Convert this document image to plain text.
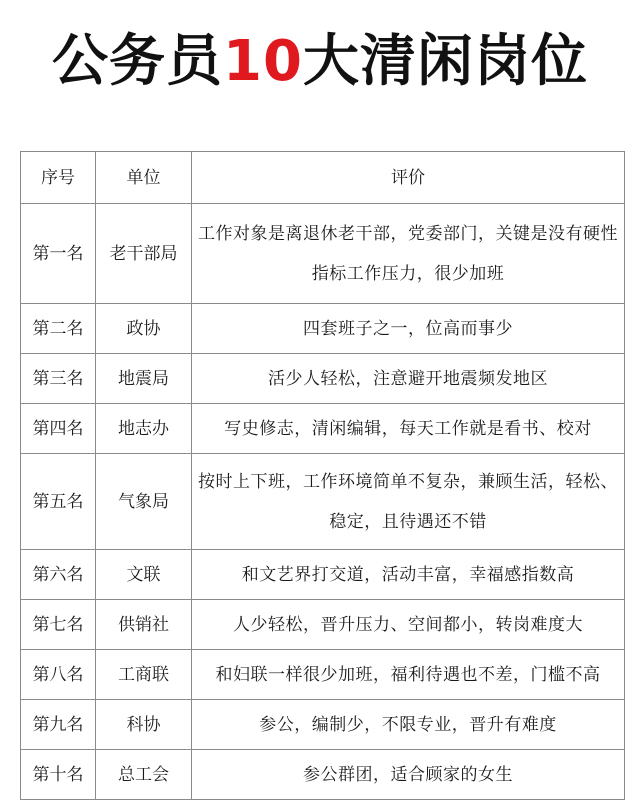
公务员10大清闲岗位
序号	单位	评价
第一名	老干部局	工作对象是离退休老干部，党委部门，关键是没有硬性指标工作压力，很少加班
第二名	政协	四套班子之一，位高而事少
第三名	地震局	活少人轻松，注意避开地震频发地区
第四名	地志办	写史修志，清闲编辑，每天工作就是看书、校对
第五名	气象局	按时上下班，工作环境简单不复杂，兼顾生活，轻松、稳定，且待遇还不错
第六名	文联	和文艺界打交道，活动丰富，幸福感指数高
第七名	供销社	人少轻松，晋升压力、空间都小，转岗难度大
第八名	工商联	和妇联一样很少加班，福利待遇也不差，门槛不高
第九名	科协	参公，编制少，不限专业，晋升有难度
第十名	总工会	参公群团，适合顾家的女生
